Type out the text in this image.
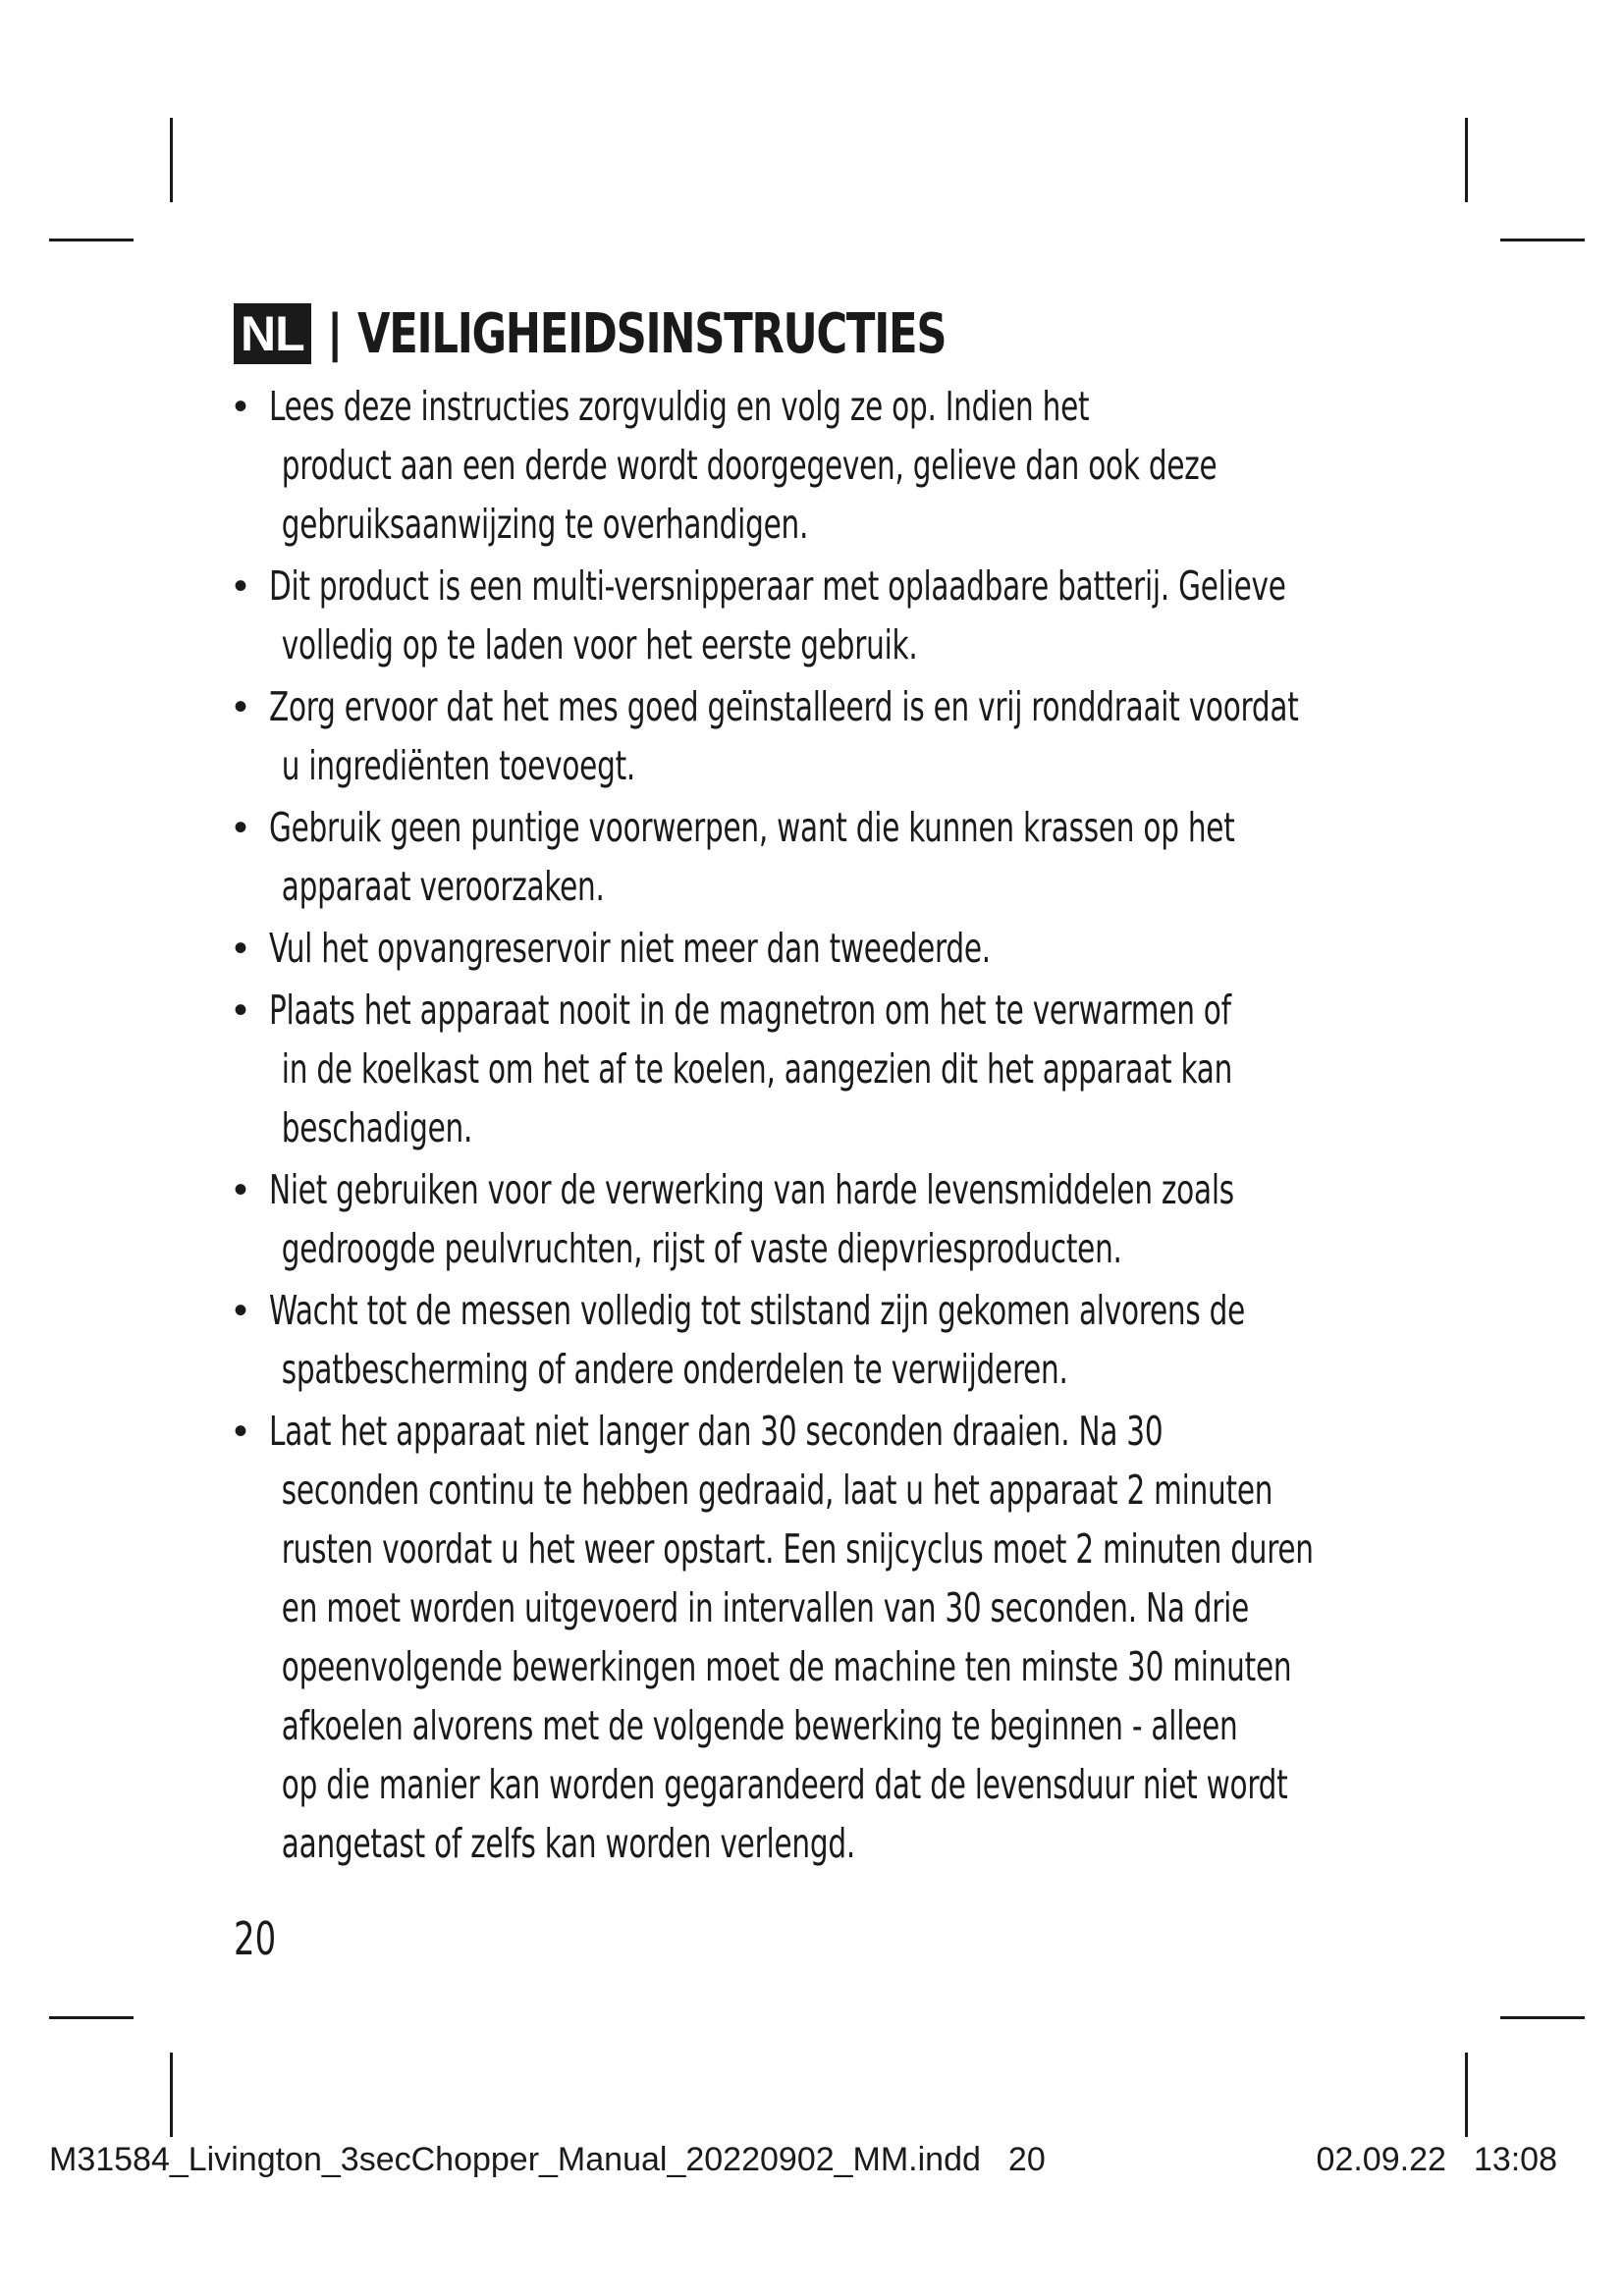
NL | VEILIGHEIDSINSTRUCTIES
• Lees deze instructies zorgvuldig en volg ze op. Indien het
product aan een derde wordt doorgegeven, gelieve dan ook deze
gebruiksaanwijzing te overhandigen.
• Dit product is een multi-versnipperaar met oplaadbare batterij. Gelieve
volledig op te laden voor het eerste gebruik.
• Zorg ervoor dat het mes goed geïnstalleerd is en vrij ronddraait voordat
u ingrediënten toevoegt.
• Gebruik geen puntige voorwerpen, want die kunnen krassen op het
apparaat veroorzaken.
• Vul het opvangreservoir niet meer dan tweederde.
• Plaats het apparaat nooit in de magnetron om het te verwarmen of
in de koelkast om het af te koelen, aangezien dit het apparaat kan
beschadigen.
• Niet gebruiken voor de verwerking van harde levensmiddelen zoals
gedroogde peulvruchten, rijst of vaste diepvriesproducten.
• Wacht tot de messen volledig tot stilstand zijn gekomen alvorens de
spatbescherming of andere onderdelen te verwijderen.
• Laat het apparaat niet langer dan 30 seconden draaien. Na 30
seconden continu te hebben gedraaid, laat u het apparaat 2 minuten
rusten voordat u het weer opstart. Een snijcyclus moet 2 minuten duren
en moet worden uitgevoerd in intervallen van 30 seconden. Na drie
opeenvolgende bewerkingen moet de machine ten minste 30 minuten
afkoelen alvorens met de volgende bewerking te beginnen - alleen
op die manier kan worden gegarandeerd dat de levensduur niet wordt
aangetast of zelfs kan worden verlengd.
20
M31584_Livington_3secChopper_Manual_20220902_MM.indd 20	02.09.22 13:08
